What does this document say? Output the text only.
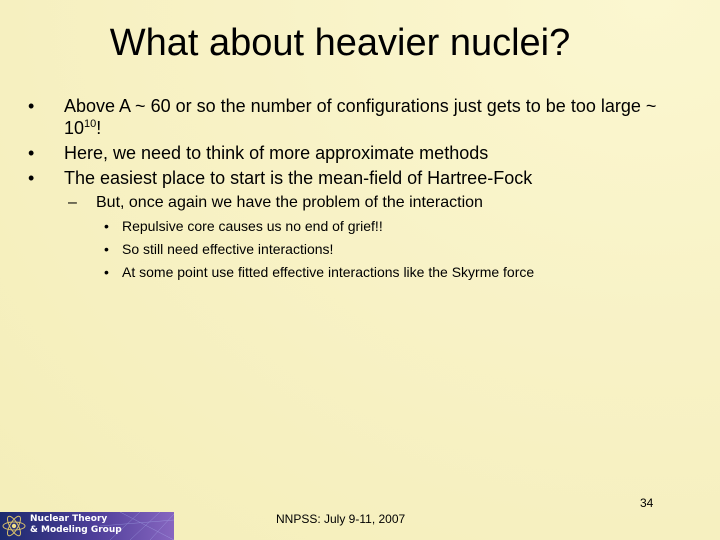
What about heavier nuclei?
•	Above A ~ 60 or so the number of configurations just gets to be too large ~ $10^{10}$!
•	Here, we need to think of more approximate methods
•	The easiest place to start is the mean-field of Hartree-Fock
– But, once again we have the problem of the interaction
• Repulsive core causes us no end of grief!!
• So still need effective interactions!
• At some point use fitted effective interactions like the Skyrme force
34
NNPSS: July 9-11, 2007
Nuclear Theory
& Modeling Group
